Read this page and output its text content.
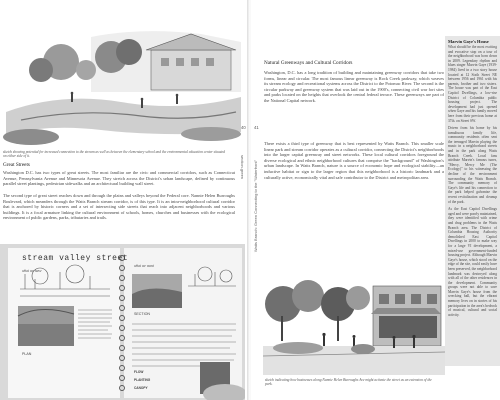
sketch showing potential for increased connection to the stream as well as between the elementary school and the environmental education center situated on either side of it.	section.green
40
Great Streets
Washington D.C. has two types of great streets. The most familiar are the civic and commercial corridors, such as Connecticut Avenue, Pennsylvania Avenue and Minnesota Avenue. They stretch across the District's urban landscape, defined by continuous parallel street plantings, pedestrian sidewalks and an architectural building wall street.
The second type of great street reaches down and through the plains and valleys beyond the Federal core. Nannie Helen Burroughs Boulevard, which meanders through the Watts Branch stream corridor, is of this type. It is an intra-neighborhood cultural corridor that is anchored by historic corners and a set of intersecting side streets that reach into adjacent neighborhoods and various buildings. It is a focal armature linking the cultural environment of schools, homes, churches and businesses with the ecological environment of public gardens, parks, tributaries and trails.
stream valley street
what we have
what we want
PLAN
SECTION
FLOW
PLANTING
CANOPY
Watts Branch: Green Connecting to the "Waterfront"
41
Natural Greenways and Cultural Corridors
Washington, D.C. has a long tradition of building and maintaining greenway corridors that take two forms, linear and circular. The most famous linear greenway is Rock Creek parkway, which weaves its stream ecology and recreational systems across the District to the Potomac River. The second is the circular parkway and greenway system that was laid out in the 1900's, connecting civil war fort sites and parks located on the heights that overlook the central federal terrace. These greenways are part of the National Capital network.
There exists a third type of greenway that is best represented by Watts Branch. This smaller scale linear park and stream corridor operates as a cultural corridor, connecting the District's neighborhoods into the larger capital greenway and street networks. These local cultural corridors foreground the diverse ecological and ethnic neighborhood cultures that comprise the "background" of Washington's urban landscape. In Watts Branch, nature is a source of economic hope and ecological stability—an inductive habitat or sign to the larger region that this neighborhood is a historic landmark and a culturally active, economically vital and safe contributor to the District and metropolitan area.
sketch indicating how businesses along Nannie Helen Burroughs Ave might activate the street as an extension of the park.
Marvin Gaye's House
What should be the most exciting and evocative stop on a tour of the neighborhood was born down in 2009. Legendary rhythm and blues singer Marvin Gaye (1939-1984) lived in a two story house located at 12 Sixth Street NE between 1956 and 1961 with his parents, brother and two sisters. The house was part of the East Capitol Dwellings, a low-rise District of Columbia public housing project. The development had just opened when Gaye and his family moved here from their previous home at 37th. on Street SW.
Driven from his home by his tumultuous family life, community residents often sent the teenaged Marvin playing the music in a neighborhood streets and in the park along Watts Branch Creek. Local fans attribute Marvin's famous tunes, "Mercy, Mercy Me (The Ecology)" to his witnessing the decline of the environment surrounding the Watts Branch. The community memory of Gaye's life and his connection to the park helped galvanize the recent revitalization and cleanup of the park.
As the East Capitol Dwellings aged and were poorly maintained, they were identified with crime and drug problems in the Watts Branch area. The District of Columbia Housing Authority demolished East Capitol Dwellings in 2000 to make way for a large VI development, a mixed-use government-funded housing project. Although Marvin Gaye's house, which stood on the edge of the site, could easily have been preserved, the neighborhood landmark was destroyed along with all of the other residences in the development. Community groups were not able to save Marvin Gaye's house from the wrecking ball, but the vibrant memory lives on in stories of his participation in the area's bedrock of musical, cultural and social activity.
